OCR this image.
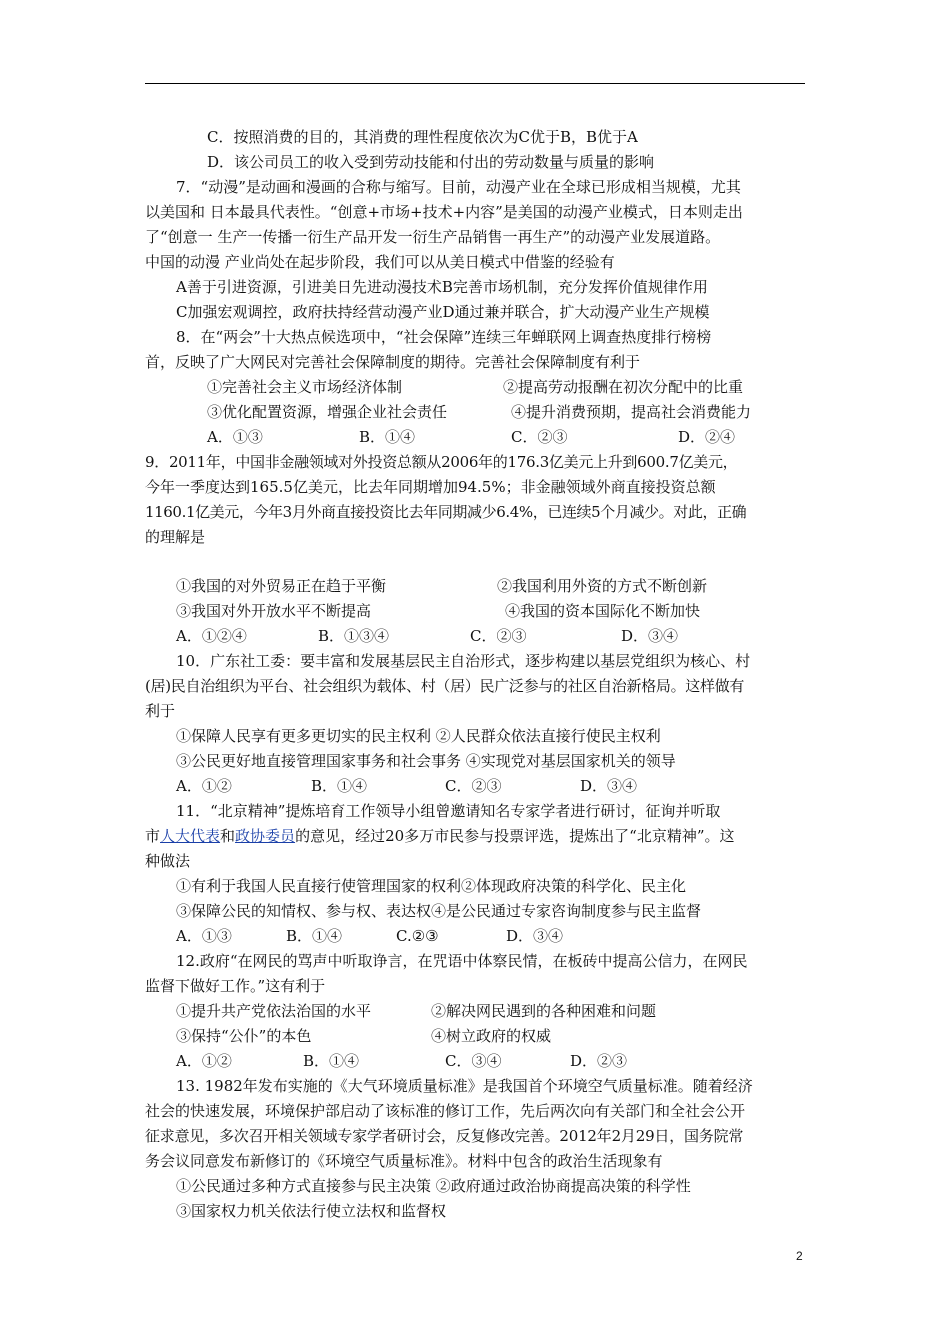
C．按照消费的目的，其消费的理性程度依次为C优于B，B优于A
D．该公司员工的收入受到劳动技能和付出的劳动数量与质量的影响
7．“动漫”是动画和漫画的合称与缩写。目前，动漫产业在全球已形成相当规模，尤其
以美国和 日本最具代表性。“创意+市场+技术+内容”是美国的动漫产业模式，日本则走出
了“创意一 生产一传播一衍生产品开发一衍生产品销售一再生产”的动漫产业发展道路。
中国的动漫 产业尚处在起步阶段，我们可以从美日模式中借鉴的经验有
A善于引进资源，引进美日先进动漫技术B完善市场机制，充分发挥价值规律作用
C加强宏观调控，政府扶持经营动漫产业D通过兼并联合，扩大动漫产业生产规模
8．在“两会”十大热点候选项中，“社会保障”连续三年蝉联网上调查热度排行榜榜
首，反映了广大网民对完善社会保障制度的期待。完善社会保障制度有利于
①完善社会主义市场经济体制	②提高劳动报酬在初次分配中的比重
③优化配置资源，增强企业社会责任	④提升消费预期，提高社会消费能力
A．①③	B．①④	C．②③	D．②④
9．2011年，中国非金融领域对外投资总额从2006年的176.3亿美元上升到600.7亿美元，
今年一季度达到165.5亿美元，比去年同期增加94.5%；非金融领域外商直接投资总额
1160.1亿美元，今年3月外商直接投资比去年同期减少6.4%，已连续5个月减少。对此，正确
的理解是
①我国的对外贸易正在趋于平衡	②我国利用外资的方式不断创新
③我国对外开放水平不断提高	④我国的资本国际化不断加快
A．①②④	B．①③④	C．②③	D．③④
10．广东社工委：要丰富和发展基层民主自治形式，逐步构建以基层党组织为核心、村
(居)民自治组织为平台、社会组织为载体、村（居）民广泛参与的社区自治新格局。这样做有
利于
①保障人民享有更多更切实的民主权利 ②人民群众依法直接行使民主权利
③公民更好地直接管理国家事务和社会事务 ④实现党对基层国家机关的领导
A．①②	B．①④	C．②③	D．③④
11．“北京精神”提炼培育工作领导小组曾邀请知名专家学者进行研讨，征询并听取
市人大代表和政协委员的意见，经过20多万市民参与投票评选，提炼出了“北京精神”。这
种做法
①有利于我国人民直接行使管理国家的权利②体现政府决策的科学化、民主化
③保障公民的知情权、参与权、表达权④是公民通过专家咨询制度参与民主监督
A．①③	B．①④	C.②③	D．③④
12.政府“在网民的骂声中听取诤言，在咒语中体察民情，在板砖中提高公信力，在网民
监督下做好工作。”这有利于
①提升共产党依法治国的水平	②解决网民遇到的各种困难和问题
③保持“公仆”的本色	④树立政府的权威
A．①②	B．①④	C．③④	D．②③
13. 1982年发布实施的《大气环境质量标准》是我国首个环境空气质量标准。随着经济
社会的快速发展，环境保护部启动了该标准的修订工作，先后两次向有关部门和全社会公开
征求意见，多次召开相关领域专家学者研讨会，反复修改完善。2012年2月29日，国务院常
务会议同意发布新修订的《环境空气质量标准》。材料中包含的政治生活现象有
①公民通过多种方式直接参与民主决策 ②政府通过政治协商提高决策的科学性
③国家权力机关依法行使立法权和监督权
2
